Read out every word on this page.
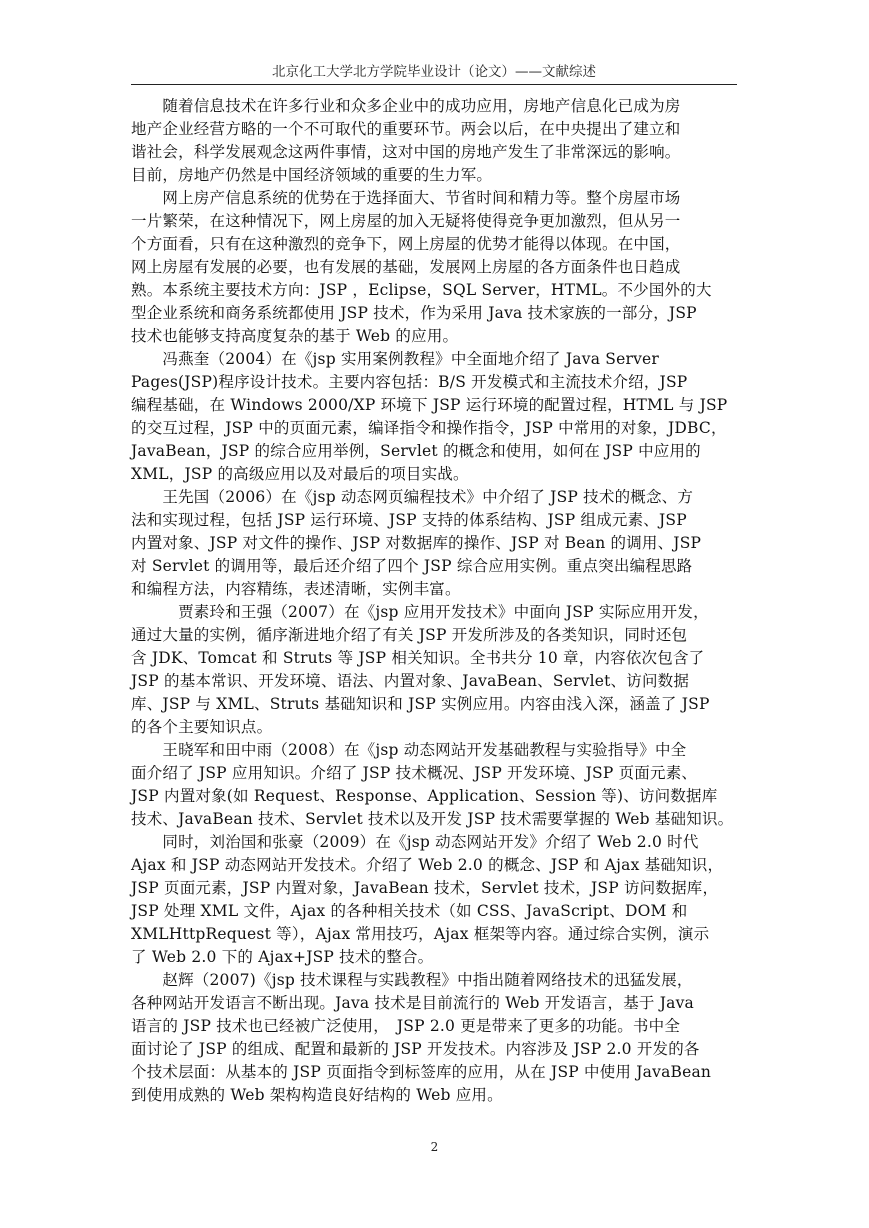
北京化工大学北方学院毕业设计（论文）——文献综述

　　随着信息技术在许多行业和众多企业中的成功应用，房地产信息化已成为房
地产企业经营方略的一个不可取代的重要环节。两会以后，在中央提出了建立和
谐社会，科学发展观念这两件事情，这对中国的房地产发生了非常深远的影响。
目前，房地产仍然是中国经济领域的重要的生力军。

　　网上房产信息系统的优势在于选择面大、节省时间和精力等。整个房屋市场
一片繁荣，在这种情况下，网上房屋的加入无疑将使得竞争更加激烈，但从另一
个方面看，只有在这种激烈的竞争下，网上房屋的优势才能得以体现。在中国，
网上房屋有发展的必要，也有发展的基础，发展网上房屋的各方面条件也日趋成
熟。本系统主要技术方向：JSP ，Eclipse，SQL Server，HTML。不少国外的大
型企业系统和商务系统都使用 JSP 技术，作为采用 Java 技术家族的一部分，JSP
技术也能够支持高度复杂的基于 Web 的应用。

　　冯燕奎（2004）在《jsp 实用案例教程》中全面地介绍了 Java Server
Pages(JSP)程序设计技术。主要内容包括：B/S 开发模式和主流技术介绍，JSP
编程基础，在 Windows 2000/XP 环境下 JSP 运行环境的配置过程，HTML 与 JSP
的交互过程，JSP 中的页面元素，编译指令和操作指令，JSP 中常用的对象，JDBC，
JavaBean，JSP 的综合应用举例，Servlet 的概念和使用，如何在 JSP 中应用的
XML，JSP 的高级应用以及对最后的项目实战。

　　王先国（2006）在《jsp 动态网页编程技术》中介绍了 JSP 技术的概念、方
法和实现过程，包括 JSP 运行环境、JSP 支持的体系结构、JSP 组成元素、JSP
内置对象、JSP 对文件的操作、JSP 对数据库的操作、JSP 对 Bean 的调用、JSP
对 Servlet 的调用等，最后还介绍了四个 JSP 综合应用实例。重点突出编程思路
和编程方法，内容精练，表述清晰，实例丰富。

　　　贾素玲和王强（2007）在《jsp 应用开发技术》中面向 JSP 实际应用开发，
通过大量的实例，循序渐进地介绍了有关 JSP 开发所涉及的各类知识，同时还包
含 JDK、Tomcat 和 Struts 等 JSP 相关知识。全书共分 10 章，内容依次包含了
JSP 的基本常识、开发环境、语法、内置对象、JavaBean、Servlet、访问数据
库、JSP 与 XML、Struts 基础知识和 JSP 实例应用。内容由浅入深，涵盖了 JSP
的各个主要知识点。

　　王晓军和田中雨（2008）在《jsp 动态网站开发基础教程与实验指导》中全
面介绍了 JSP 应用知识。介绍了 JSP 技术概况、JSP 开发环境、JSP 页面元素、
JSP 内置对象(如 Request、Response、Application、Session 等)、访问数据库
技术、JavaBean 技术、Servlet 技术以及开发 JSP 技术需要掌握的 Web 基础知识。

　　同时，刘治国和张豪（2009）在《jsp 动态网站开发》介绍了 Web 2.0 时代
Ajax 和 JSP 动态网站开发技术。介绍了 Web 2.0 的概念、JSP 和 Ajax 基础知识，
JSP 页面元素，JSP 内置对象，JavaBean 技术，Servlet 技术，JSP 访问数据库，
JSP 处理 XML 文件，Ajax 的各种相关技术（如 CSS、JavaScript、DOM 和
XMLHttpRequest 等），Ajax 常用技巧，Ajax 框架等内容。通过综合实例，演示
了 Web 2.0 下的 Ajax+JSP 技术的整合。

　　赵辉（2007)《jsp 技术课程与实践教程》中指出随着网络技术的迅猛发展，
各种网站开发语言不断出现。Java 技术是目前流行的 Web 开发语言，基于 Java
语言的 JSP 技术也已经被广泛使用，　JSP 2.0 更是带来了更多的功能。书中全
面讨论了 JSP 的组成、配置和最新的 JSP 开发技术。内容涉及 JSP 2.0 开发的各
个技术层面：从基本的 JSP 页面指令到标签库的应用，从在 JSP 中使用 JavaBean
到使用成熟的 Web 架构构造良好结构的 Web 应用。

2
